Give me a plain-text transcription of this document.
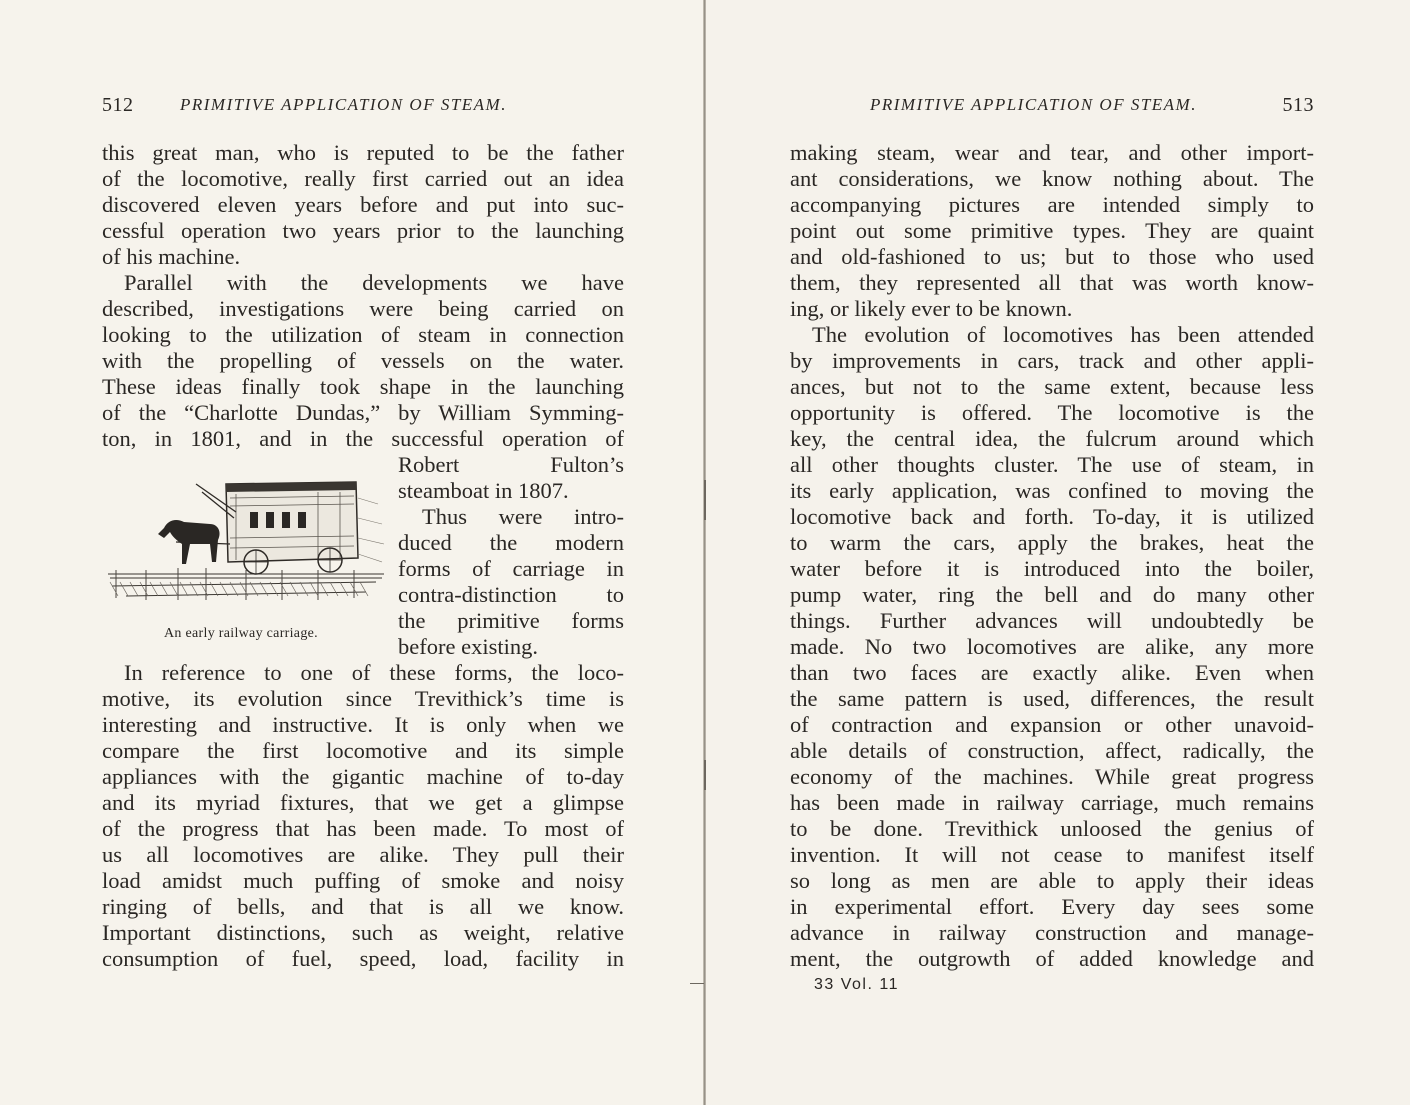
512	PRIMITIVE APPLICATION OF STEAM.
this great man, who is reputed to be the father
of the locomotive, really first carried out an idea
discovered eleven years before and put into suc-
cessful operation two years prior to the launching
of his machine.
Parallel with the developments we have
described, investigations were being carried on
looking to the utilization of steam in connection
with the propelling of vessels on the water.
These ideas finally took shape in the launching
of the “Charlotte Dundas,” by William Symming-
ton, in 1801, and in the successful operation of
Robert Fulton’s
steamboat in 1807.
Thus were intro-
duced the modern
forms of carriage in
contra-distinction to
the primitive forms
before existing.
In reference to one of these forms, the loco-
motive, its evolution since Trevithick’s time is
interesting and instructive. It is only when we
compare the first locomotive and its simple
appliances with the gigantic machine of to-day
and its myriad fixtures, that we get a glimpse
of the progress that has been made. To most of
us all locomotives are alike. They pull their
load amidst much puffing of smoke and noisy
ringing of bells, and that is all we know.
Important distinctions, such as weight, relative
consumption of fuel, speed, load, facility in
An early railway carriage.
PRIMITIVE APPLICATION OF STEAM.	513
making steam, wear and tear, and other import-
ant considerations, we know nothing about. The
accompanying pictures are intended simply to
point out some primitive types. They are quaint
and old-fashioned to us; but to those who used
them, they represented all that was worth know-
ing, or likely ever to be known.
The evolution of locomotives has been attended
by improvements in cars, track and other appli-
ances, but not to the same extent, because less
opportunity is offered. The locomotive is the
key, the central idea, the fulcrum around which
all other thoughts cluster. The use of steam, in
its early application, was confined to moving the
locomotive back and forth. To-day, it is utilized
to warm the cars, apply the brakes, heat the
water before it is introduced into the boiler,
pump water, ring the bell and do many other
things. Further advances will undoubtedly be
made. No two locomotives are alike, any more
than two faces are exactly alike. Even when
the same pattern is used, differences, the result
of contraction and expansion or other unavoid-
able details of construction, affect, radically, the
economy of the machines. While great progress
has been made in railway carriage, much remains
to be done. Trevithick unloosed the genius of
invention. It will not cease to manifest itself
so long as men are able to apply their ideas
in experimental effort. Every day sees some
advance in railway construction and manage-
ment, the outgrowth of added knowledge and
33 Vol. 11
